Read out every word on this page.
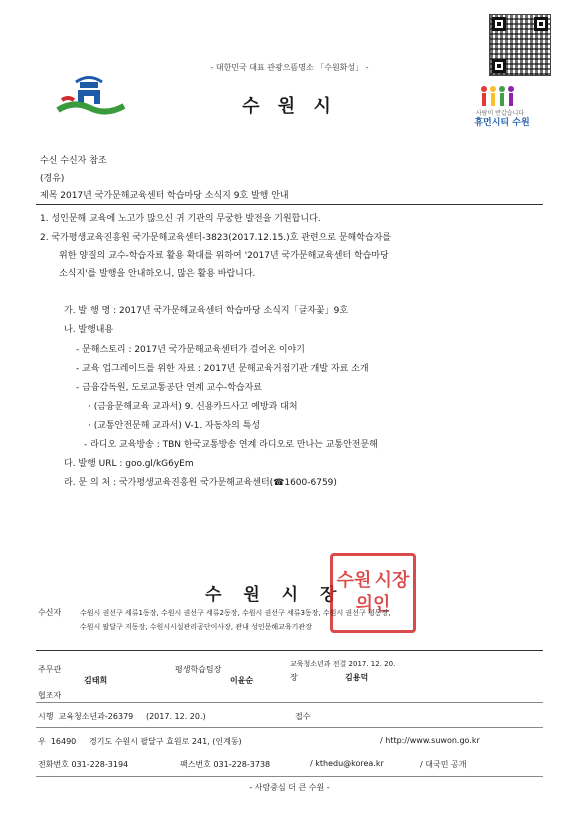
- 대한민국 대표 관광으뜸명소 「수원화성」 -
수 원 시	사람이 반갑습니다
휴먼시티 수원
수신 수신자 참조
(경유)
제목 2017년 국가문해교육센터 학습마당 소식지 9호 발행 안내
1. 성인문해 교육에 노고가 많으신 귀 기관의 무궁한 발전을 기원합니다.
2. 국가평생교육진흥원 국가문해교육센터-3823(2017.12.15.)호 관련으로 문해학습자를
위한 양질의 교수-학습자료 활용 확대를 위하여 '2017년 국가문해교육센터 학습마당
소식지'를 발행을 안내하오니, 많은 활용 바랍니다.
가. 발 행 명 : 2017년 국가문해교육센터 학습마당 소식지「글자꽃」9호
나. 발행내용
- 문해스토리 : 2017년 국가문해교육센터가 걸어온 이야기
- 교육 업그레이드를 위한 자료 : 2017년 문해교육거점기관 개발 자료 소개
- 금융감독원, 도로교통공단 연계 교수-학습자료
· (금융문해교육 교과서) 9. 신용카드사고 예방과 대처
· (교통안전문해 교과서) V-1. 자동차의 특성
- 라디오 교육방송 : TBN 한국교통방송 연계 라디오로 만나는 교통안전문해
다. 발행 URL : goo.gl/kG6yEm
라. 문 의 처 : 국가평생교육진흥원 국가문해교육센터(☎1600-6759)
수 원 시 장
수원 시장
의인
수신자	수원시 권선구 세류1동장, 수원시 권선구 세류2동장, 수원시 권선구 세류3동장, 수원시 권선구 평동장,
수원시 팔달구 지동장, 수원시시설관리공단이사장, 관내 성인문해교육기관장
주무관
김태희
평생학습팀장
이윤순
교육청소년과 전결 2017. 12. 20.
장	김용덕
협조자
시행  교육청소년과-26379     (2017. 12. 20.)	접수
우  16490     경기도 수원시 팔달구 효원로 241, (인계동)	/ http://www.suwon.go.kr
전화번호 031-228-3194	팩스번호 031-228-3738	/ kthedu@korea.kr	/ 대국민 공개
- 사람중심 더 큰 수원 -
